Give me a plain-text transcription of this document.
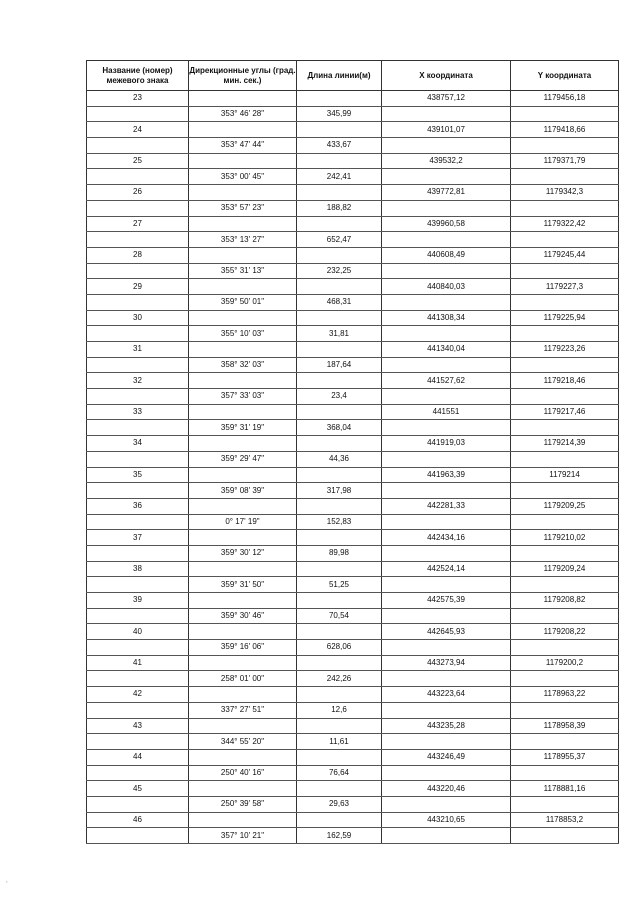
Название (номер) межевого знака	Дирекционные углы (град. мин. сек.)	Длина линии(м)	X координата	Y координата
23			438757,12	1179456,18
	353° 46' 28"	345,99		
24			439101,07	1179418,66
	353° 47' 44"	433,67		
25			439532,2	1179371,79
	353° 00' 45"	242,41		
26			439772,81	1179342,3
	353° 57' 23"	188,82		
27			439960,58	1179322,42
	353° 13' 27"	652,47		
28			440608,49	1179245,44
	355° 31' 13"	232,25		
29			440840,03	1179227,3
	359° 50' 01"	468,31		
30			441308,34	1179225,94
	355° 10' 03"	31,81		
31			441340,04	1179223,26
	358° 32' 03"	187,64		
32			441527,62	1179218,46
	357° 33' 03"	23,4		
33			441551	1179217,46
	359° 31' 19"	368,04		
34			441919,03	1179214,39
	359° 29' 47"	44,36		
35			441963,39	1179214
	359° 08' 39"	317,98		
36			442281,33	1179209,25
	0° 17' 19"	152,83		
37			442434,16	1179210,02
	359° 30' 12"	89,98		
38			442524,14	1179209,24
	359° 31' 50"	51,25		
39			442575,39	1179208,82
	359° 30' 46"	70,54		
40			442645,93	1179208,22
	359° 16' 06"	628,06		
41			443273,94	1179200,2
	258° 01' 00"	242,26		
42			443223,64	1178963,22
	337° 27' 51"	12,6		
43			443235,28	1178958,39
	344° 55' 20"	11,61		
44			443246,49	1178955,37
	250° 40' 16"	76,64		
45			443220,46	1178881,16
	250° 39' 58"	29,63		
46			443210,65	1178853,2
	357° 10' 21"	162,59		
,
